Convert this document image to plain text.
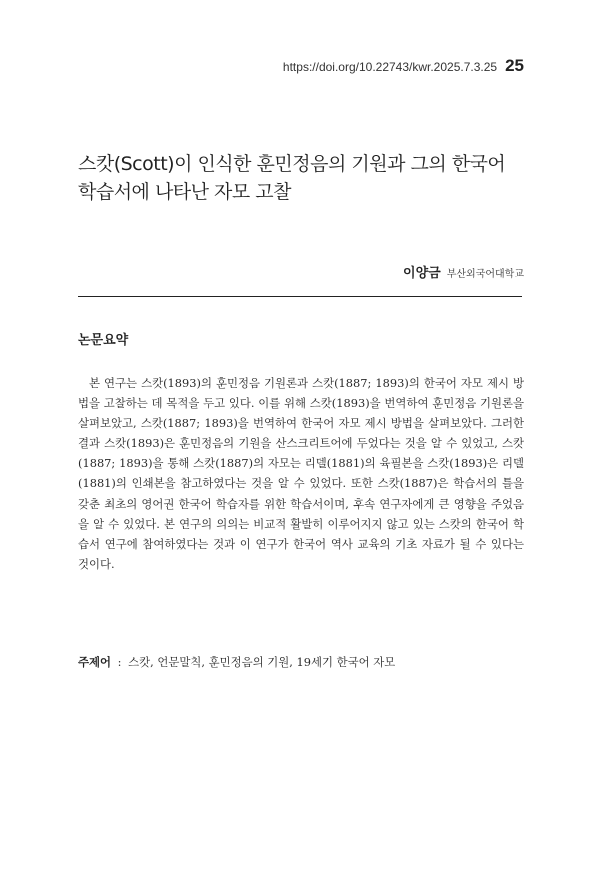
https://doi.org/10.22743/kwr.2025.7.3.25 25
스캇(Scott)이 인식한 훈민정음의 기원과 그의 한국어 학습서에 나타난 자모 고찰
이양금 부산외국어대학교
논문요약

본 연구는 스캇(1893)의 훈민정음 기원론과 스캇(1887; 1893)의 한국어 자모 제시 방법을 고찰하는 데 목적을 두고 있다. 이를 위해 스캇(1893)을 번역하여 훈민정음 기원론을 살펴보았고, 스캇(1887; 1893)을 번역하여 한국어 자모 제시 방법을 살펴보았다. 그러한 결과 스캇(1893)은 훈민정음의 기원을 산스크리트어에 두었다는 것을 알 수 있었고, 스캇(1887; 1893)을 통해 스캇(1887)의 자모는 리델(1881)의 육필본을 스캇(1893)은 리델(1881)의 인쇄본을 참고하였다는 것을 알 수 있었다. 또한 스캇(1887)은 학습서의 틀을 갖춘 최초의 영어권 한국어 학습자를 위한 학습서이며, 후속 연구자에게 큰 영향을 주었음을 알 수 있었다. 본 연구의 의의는 비교적 활발히 이루어지지 않고 있는 스캇의 한국어 학습서 연구에 참여하였다는 것과 이 연구가 한국어 역사 교육의 기초 자료가 될 수 있다는 것이다.

주제어 : 스캇, 언문말칙, 훈민정음의 기원, 19세기 한국어 자모
